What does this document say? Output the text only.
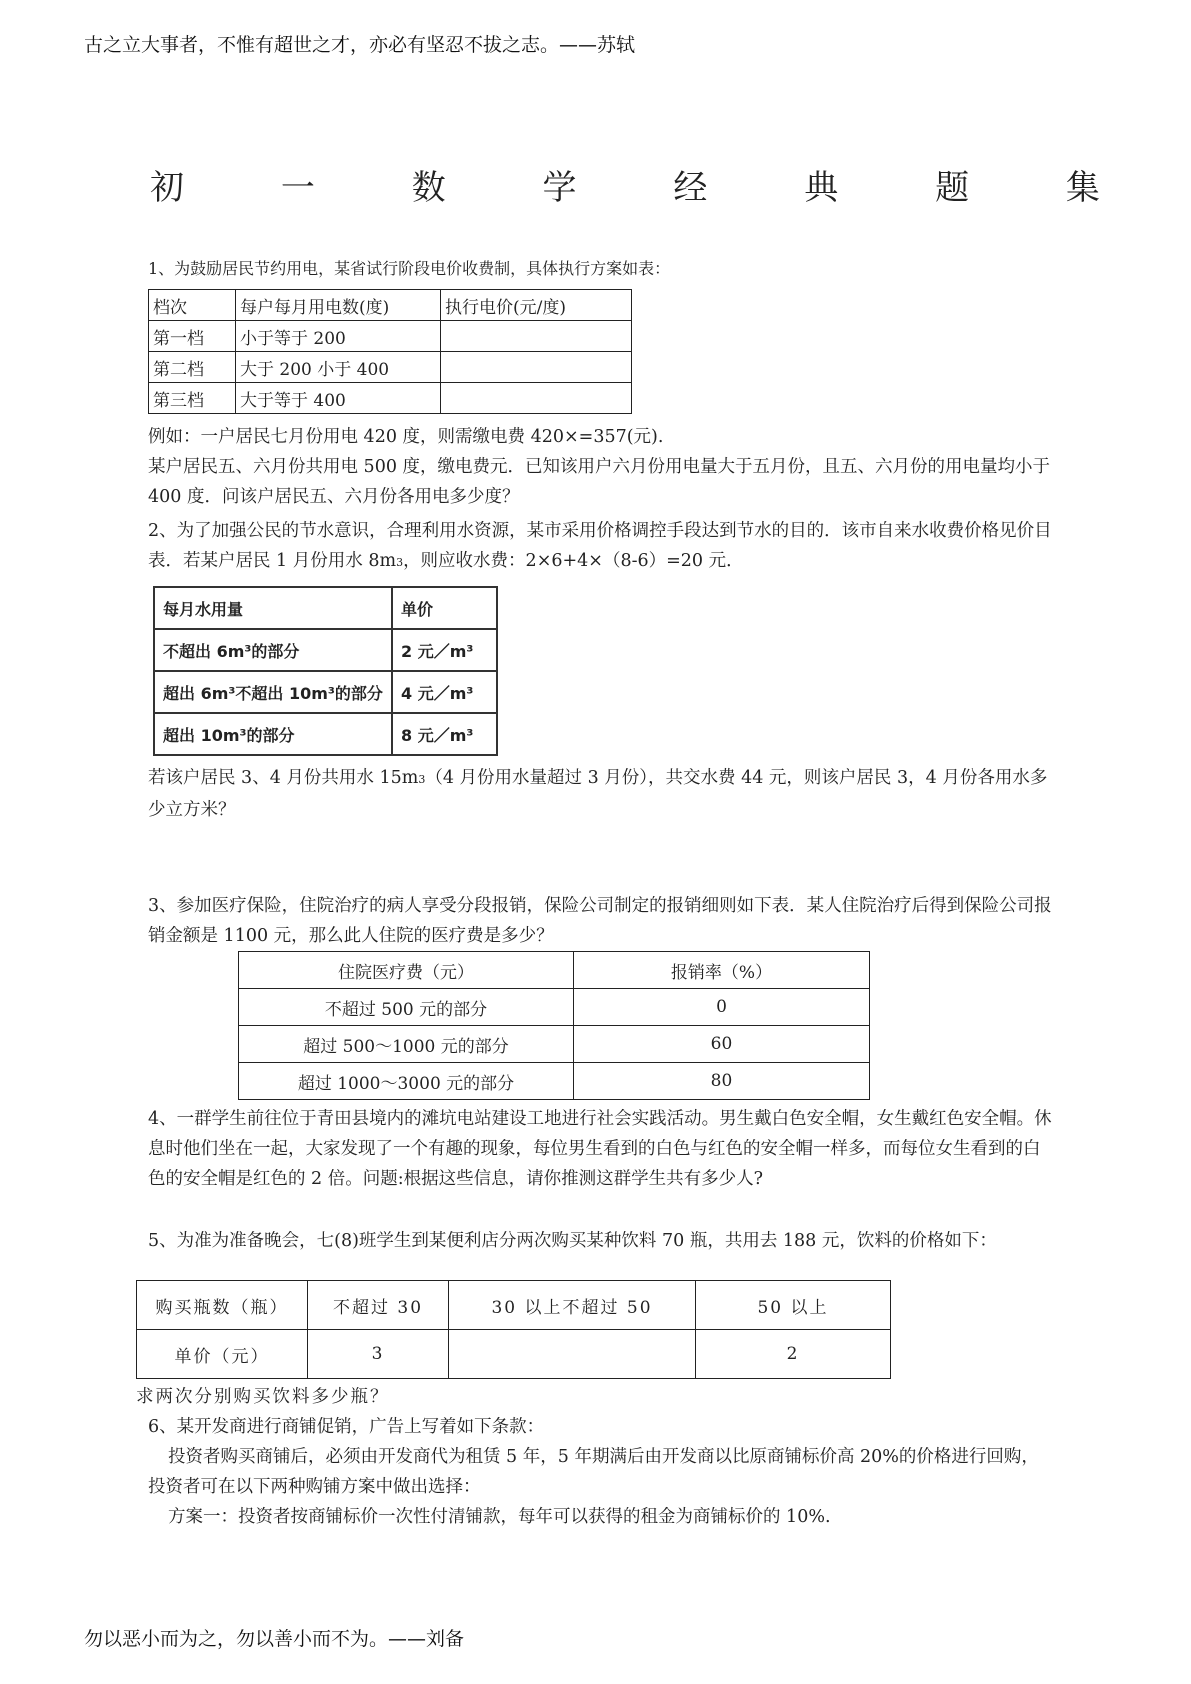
古之立大事者，不惟有超世之才，亦必有坚忍不拔之志。——苏轼
初	一	数	学	经	典	题	集
1、为鼓励居民节约用电，某省试行阶段电价收费制，具体执行方案如表：
档次	每户每月用电数(度)	执行电价(元/度)
第一档	小于等于 200	
第二档	大于 200 小于 400	
第三档	大于等于 400	
例如：一户居民七月份用电 420 度，则需缴电费 420×=357(元).
某户居民五、六月份共用电 500 度，缴电费元．已知该用户六月份用电量大于五月份，且五、六月份的用电量均小于 400 度．问该户居民五、六月份各用电多少度？
2、为了加强公民的节水意识，合理利用水资源，某市采用价格调控手段达到节水的目的．该市自来水收费价格见价目表．若某户居民 1 月份用水 8m3，则应收水费：2×6+4×（8-6）=20 元．
每月水用量	单价
不超出 6m³的部分	2 元／m³
超出 6m³不超出 10m³的部分	4 元／m³
超出 10m³的部分	8 元／m³
若该户居民 3、4 月份共用水 15m3（4 月份用水量超过 3 月份），共交水费 44 元，则该户居民 3，4 月份各用水多少立方米？
3、参加医疗保险，住院治疗的病人享受分段报销，保险公司制定的报销细则如下表．某人住院治疗后得到保险公司报销金额是 1100 元，那么此人住院的医疗费是多少？
住院医疗费（元）	报销率（%）
不超过 500 元的部分	0
超过 500～1000 元的部分	60
超过 1000～3000 元的部分	80
4、一群学生前往位于青田县境内的滩坑电站建设工地进行社会实践活动。男生戴白色安全帽，女生戴红色安全帽。休息时他们坐在一起，大家发现了一个有趣的现象，每位男生看到的白色与红色的安全帽一样多，而每位女生看到的白色的安全帽是红色的 2 倍。问题:根据这些信息，请你推测这群学生共有多少人?
5、为准为准备晚会，七(8)班学生到某便利店分两次购买某种饮料 70 瓶，共用去 188 元，饮料的价格如下：
购买瓶数（瓶）	不超过 30	30 以上不超过 50	50 以上
单价（元）	3		2
求两次分别购买饮料多少瓶？
6、某开发商进行商铺促销，广告上写着如下条款：
投资者购买商铺后，必须由开发商代为租赁 5 年，5 年期满后由开发商以比原商铺标价高 20%的价格进行回购，投资者可在以下两种购铺方案中做出选择：
方案一：投资者按商铺标价一次性付清铺款，每年可以获得的租金为商铺标价的 10%.
勿以恶小而为之，勿以善小而不为。——刘备
